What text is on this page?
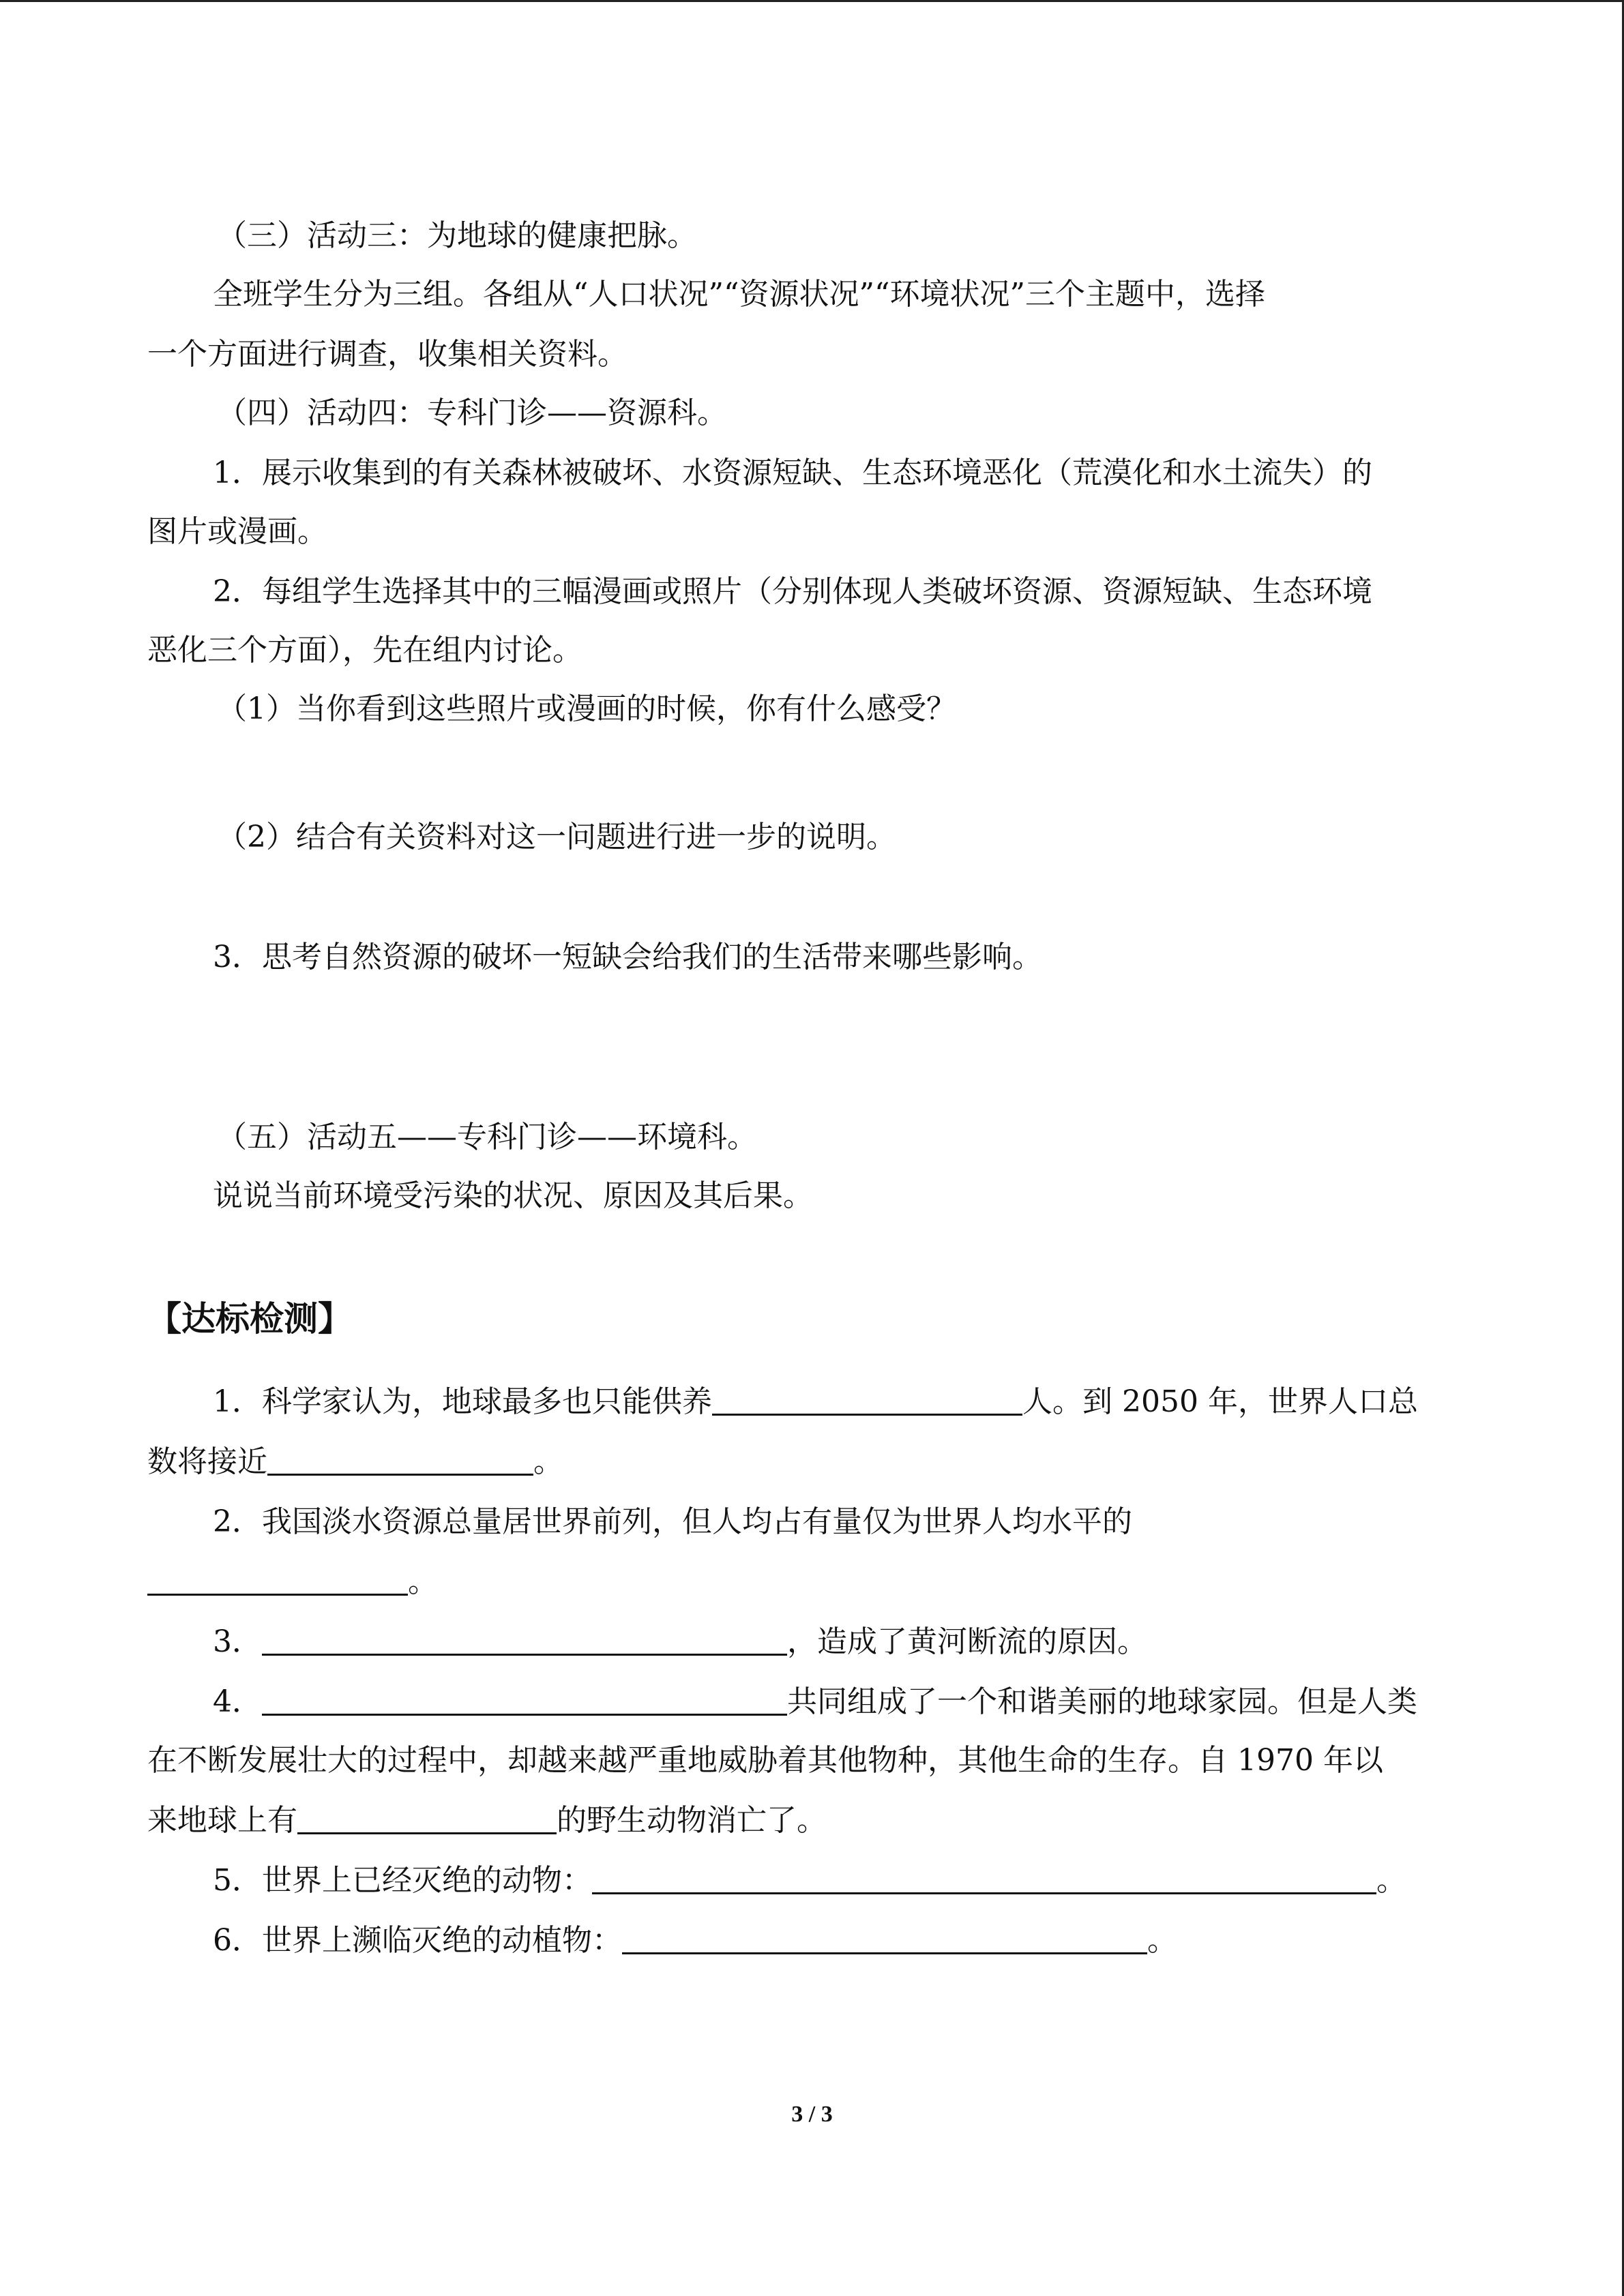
（三）活动三：为地球的健康把脉。
全班学生分为三组。各组从“人口状况”“资源状况”“环境状况”三个主题中，选择
一个方面进行调查，收集相关资料。
（四）活动四：专科门诊——资源科。
1．展示收集到的有关森林被破坏、水资源短缺、生态环境恶化（荒漠化和水土流失）的
图片或漫画。
2．每组学生选择其中的三幅漫画或照片（分别体现人类破坏资源、资源短缺、生态环境
恶化三个方面），先在组内讨论。
（1）当你看到这些照片或漫画的时候，你有什么感受？
（2）结合有关资料对这一问题进行进一步的说明。
3．思考自然资源的破坏一短缺会给我们的生活带来哪些影响。
（五）活动五——专科门诊——环境科。
说说当前环境受污染的状况、原因及其后果。
【达标检测】
1．科学家认为，地球最多也只能供养	人。到 2050 年，世界人口总
数将接近	。
2．我国淡水资源总量居世界前列，但人均占有量仅为世界人均水平的
。
3．	，造成了黄河断流的原因。
4．	共同组成了一个和谐美丽的地球家园。但是人类
在不断发展壮大的过程中，却越来越严重地威胁着其他物种，其他生命的生存。自 1970 年以
来地球上有	的野生动物消亡了。
5．世界上已经灭绝的动物：	。
6．世界上濒临灭绝的动植物：	。
3 / 3
